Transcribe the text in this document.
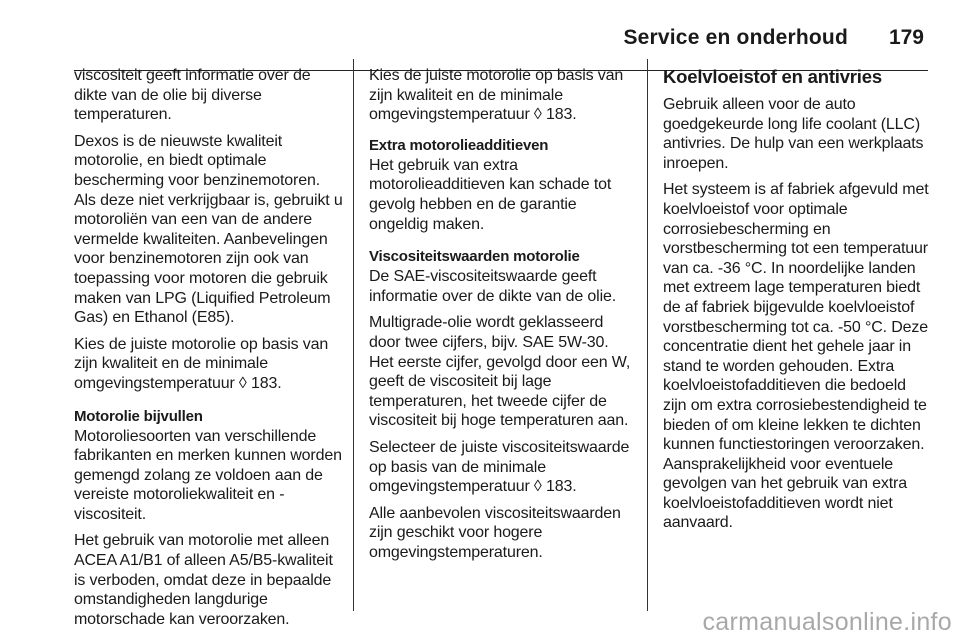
Service en onderhoud 179

viscositeit geeft informatie over de dikte van de olie bij diverse temperaturen.

Dexos is de nieuwste kwaliteit motorolie, en biedt optimale bescherming voor benzinemotoren. Als deze niet verkrijgbaar is, gebruikt u motoroliën van een van de andere vermelde kwaliteiten. Aanbevelingen voor benzinemotoren zijn ook van toepassing voor motoren die gebruik maken van LPG (Liquified Petroleum Gas) en Ethanol (E85).

Kies de juiste motorolie op basis van zijn kwaliteit en de minimale omgevingstemperatuur ◊ 183.

Motorolie bijvullen

Motoroliesoorten van verschillende fabrikanten en merken kunnen worden gemengd zolang ze voldoen aan de vereiste motoroliekwaliteit en -viscositeit.

Het gebruik van motorolie met alleen ACEA A1/B1 of alleen A5/B5-kwaliteit is verboden, omdat deze in bepaalde omstandigheden langdurige motorschade kan veroorzaken.

Kies de juiste motorolie op basis van zijn kwaliteit en de minimale omgevingstemperatuur ◊ 183.

Extra motorolieadditieven

Het gebruik van extra motorolieadditieven kan schade tot gevolg hebben en de garantie ongeldig maken.

Viscositeitswaarden motorolie

De SAE-viscositeitswaarde geeft informatie over de dikte van de olie.

Multigrade-olie wordt geklasseerd door twee cijfers, bijv. SAE 5W-30. Het eerste cijfer, gevolgd door een W, geeft de viscositeit bij lage temperaturen, het tweede cijfer de viscositeit bij hoge temperaturen aan.

Selecteer de juiste viscositeitswaarde op basis van de minimale omgevingstemperatuur ◊ 183.

Alle aanbevolen viscositeitswaarden zijn geschikt voor hogere omgevingstemperaturen.

Koelvloeistof en antivries

Gebruik alleen voor de auto goedgekeurde long life coolant (LLC) antivries. De hulp van een werkplaats inroepen.

Het systeem is af fabriek afgevuld met koelvloeistof voor optimale corrosiebescherming en vorstbescherming tot een temperatuur van ca. -36 °C. In noordelijke landen met extreem lage temperaturen biedt de af fabriek bijgevulde koelvloeistof vorstbescherming tot ca. -50 °C. Deze concentratie dient het gehele jaar in stand te worden gehouden. Extra koelvloeistofadditieven die bedoeld zijn om extra corrosiebestendigheid te bieden of om kleine lekken te dichten kunnen functiestoringen veroorzaken. Aansprakelijkheid voor eventuele gevolgen van het gebruik van extra koelvloeistofadditieven wordt niet aanvaard.

carmanualsonline.info
